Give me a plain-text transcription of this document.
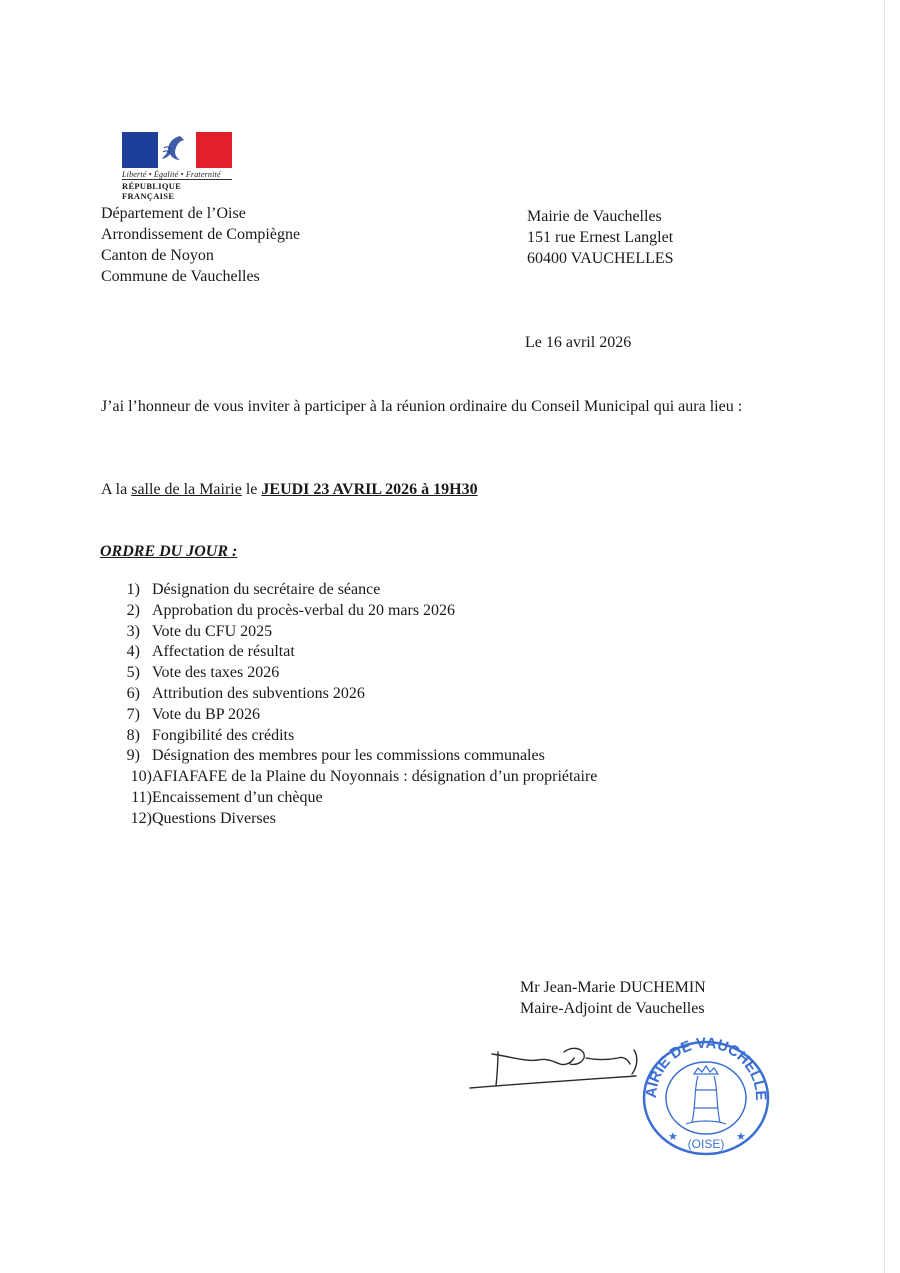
Liberté • Égalité • Fraternité
RÉPUBLIQUE FRANÇAISE
Département de l’Oise
Arrondissement de Compiègne
Canton de Noyon
Commune de Vauchelles
Mairie de Vauchelles
151 rue Ernest Langlet
60400 VAUCHELLES
Le 16 avril 2026
J’ai l’honneur de vous inviter à participer à la réunion ordinaire du Conseil Municipal qui aura lieu :
A la salle de la Mairie le JEUDI 23 AVRIL 2026 à 19H30
ORDRE DU JOUR :
1) Désignation du secrétaire de séance
2) Approbation du procès-verbal du 20 mars 2026
3) Vote du CFU 2025
4) Affectation de résultat
5) Vote des taxes 2026
6) Attribution des subventions 2026
7) Vote du BP 2026
8) Fongibilité des crédits
9) Désignation des membres pour les commissions communales
10) AFIAFAFE de la Plaine du Noyonnais : désignation d’un propriétaire
11) Encaissement d’un chèque
12) Questions Diverses
Mr Jean-Marie DUCHEMIN
Maire-Adjoint de Vauchelles
AIRIE DE VAUCHELLE
(OISE)
★	★
